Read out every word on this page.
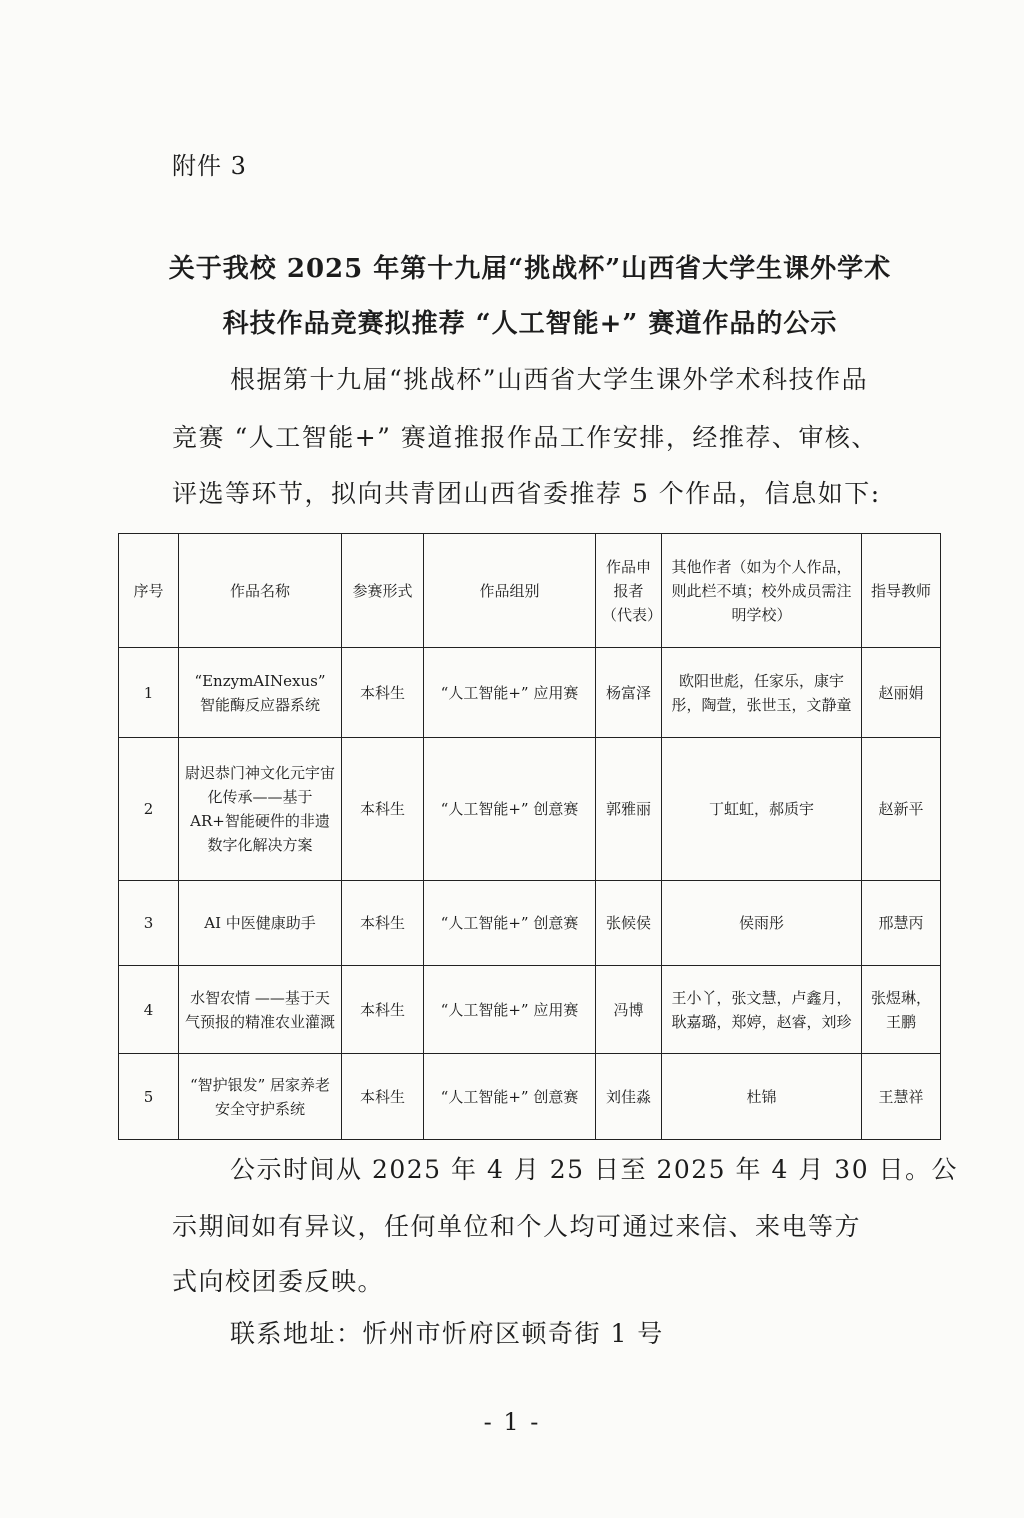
附件 3
关于我校 2025 年第十九届“挑战杯”山西省大学生课外学术
科技作品竞赛拟推荐 “人工智能+” 赛道作品的公示
根据第十九届“挑战杯”山西省大学生课外学术科技作品
竞赛 “人工智能+” 赛道推报作品工作安排，经推荐、审核、
评选等环节，拟向共青团山西省委推荐 5 个作品，信息如下:
序号	作品名称	参赛形式	作品组别	作品申报者（代表）	其他作者（如为个人作品，则此栏不填；校外成员需注明学校）	指导教师
1	“EnzymAINexus” 智能酶反应器系统	本科生	“人工智能+” 应用赛	杨富泽	欧阳世彪，任家乐，康宇彤，陶萱，张世玉，文静童	赵丽娟
2	尉迟恭门神文化元宇宙化传承——基于 AR+智能硬件的非遗数字化解决方案	本科生	“人工智能+” 创意赛	郭雅丽	丁虹虹，郝质宇	赵新平
3	AI 中医健康助手	本科生	“人工智能+” 创意赛	张候侯	侯雨彤	邢慧丙
4	水智农情 ——基于天气预报的精准农业灌溉	本科生	“人工智能+” 应用赛	冯博	王小丫，张文慧，卢鑫月，耿嘉璐，郑婷，赵睿，刘珍	张煜琳，王鹏
5	“智护银发” 居家养老安全守护系统	本科生	“人工智能+” 创意赛	刘佳淼	杜锦	王慧祥
公示时间从 2025 年 4 月 25 日至 2025 年 4 月 30 日。公
示期间如有异议，任何单位和个人均可通过来信、来电等方
式向校团委反映。
联系地址：忻州市忻府区顿奇街 1 号
- 1 -
